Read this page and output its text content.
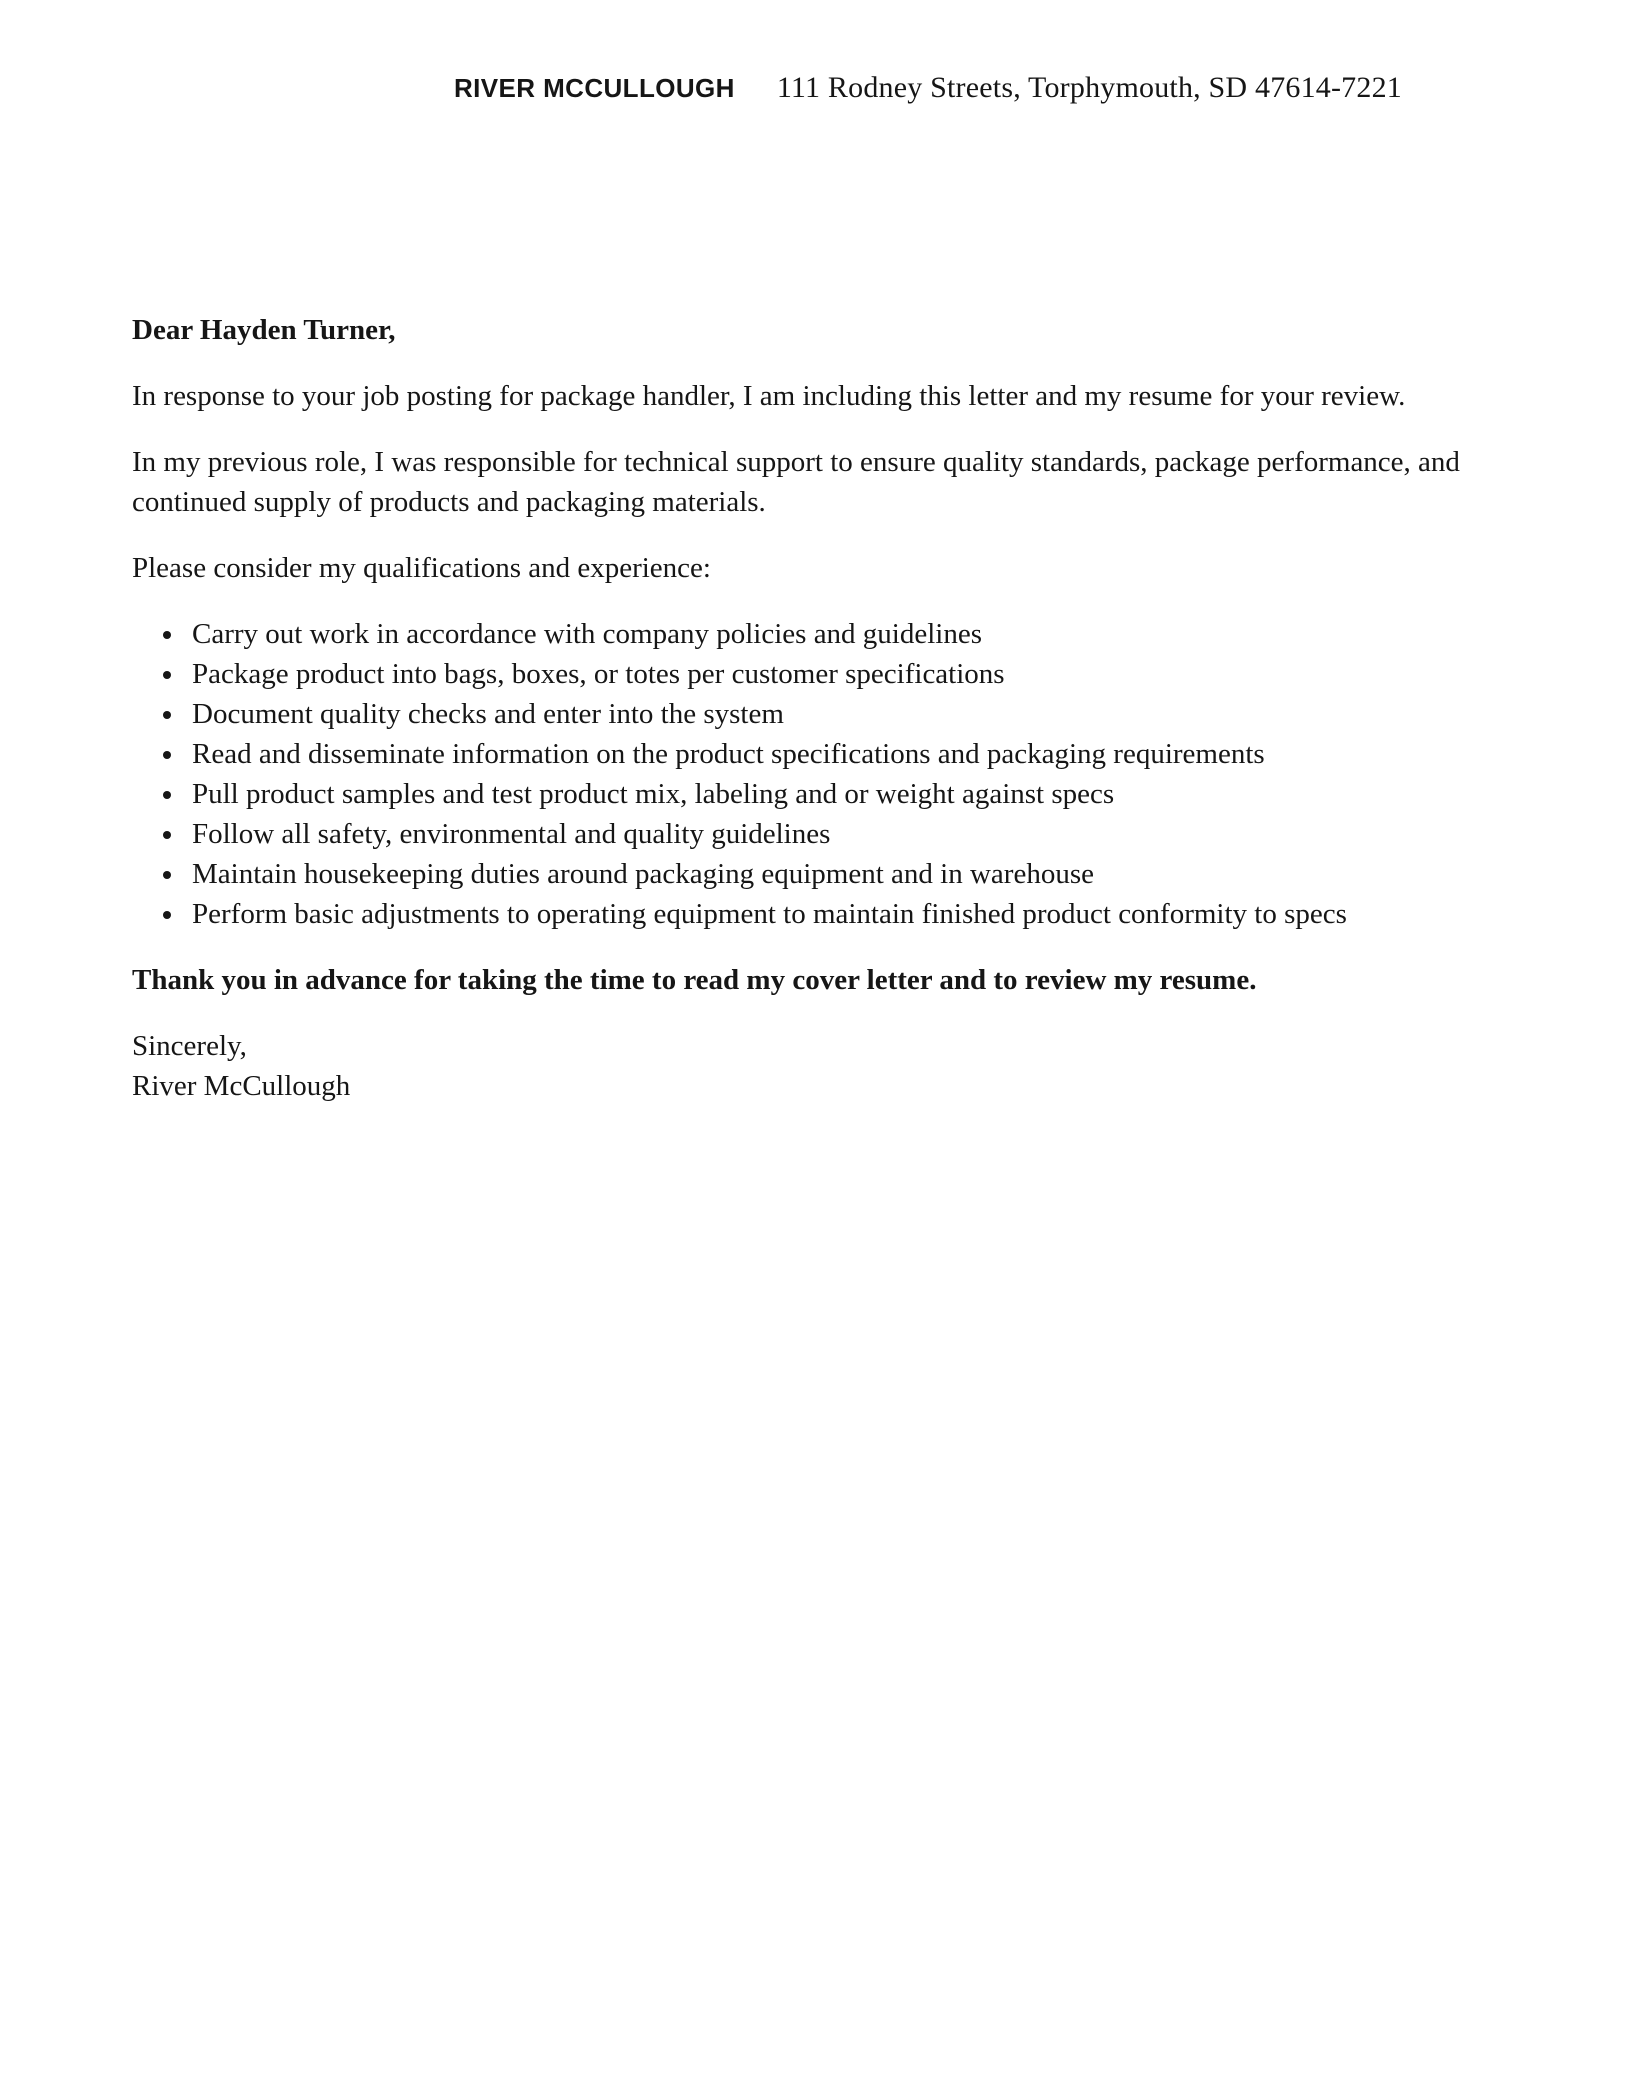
RIVER MCCULLOUGH 111 Rodney Streets, Torphymouth, SD 47614-7221

Dear Hayden Turner,

In response to your job posting for package handler, I am including this letter and my resume for your review.

In my previous role, I was responsible for technical support to ensure quality standards, package performance, and continued supply of products and packaging materials.

Please consider my qualifications and experience:

• Carry out work in accordance with company policies and guidelines
• Package product into bags, boxes, or totes per customer specifications
• Document quality checks and enter into the system
• Read and disseminate information on the product specifications and packaging requirements
• Pull product samples and test product mix, labeling and or weight against specs
• Follow all safety, environmental and quality guidelines
• Maintain housekeeping duties around packaging equipment and in warehouse
• Perform basic adjustments to operating equipment to maintain finished product conformity to specs

Thank you in advance for taking the time to read my cover letter and to review my resume.

Sincerely,
River McCullough
